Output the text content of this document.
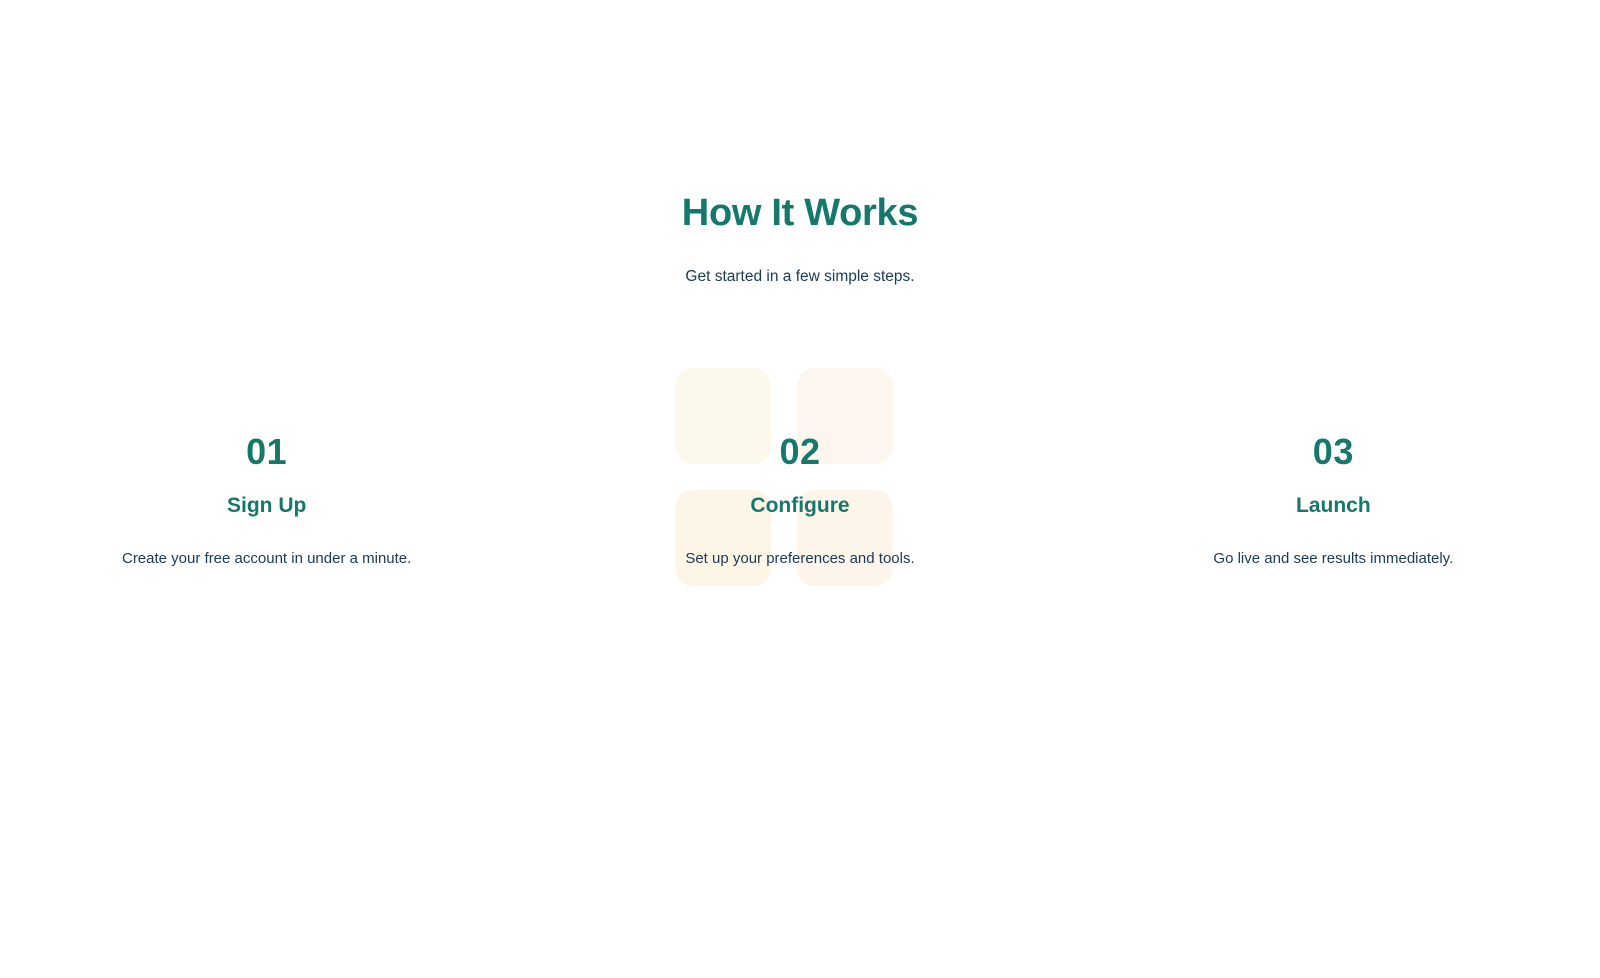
How It Works

Get started in a few simple steps.

01
Sign Up
Create your free account in under a minute.
02
Configure
Set up your preferences and tools.
03
Launch
Go live and see results immediately.
